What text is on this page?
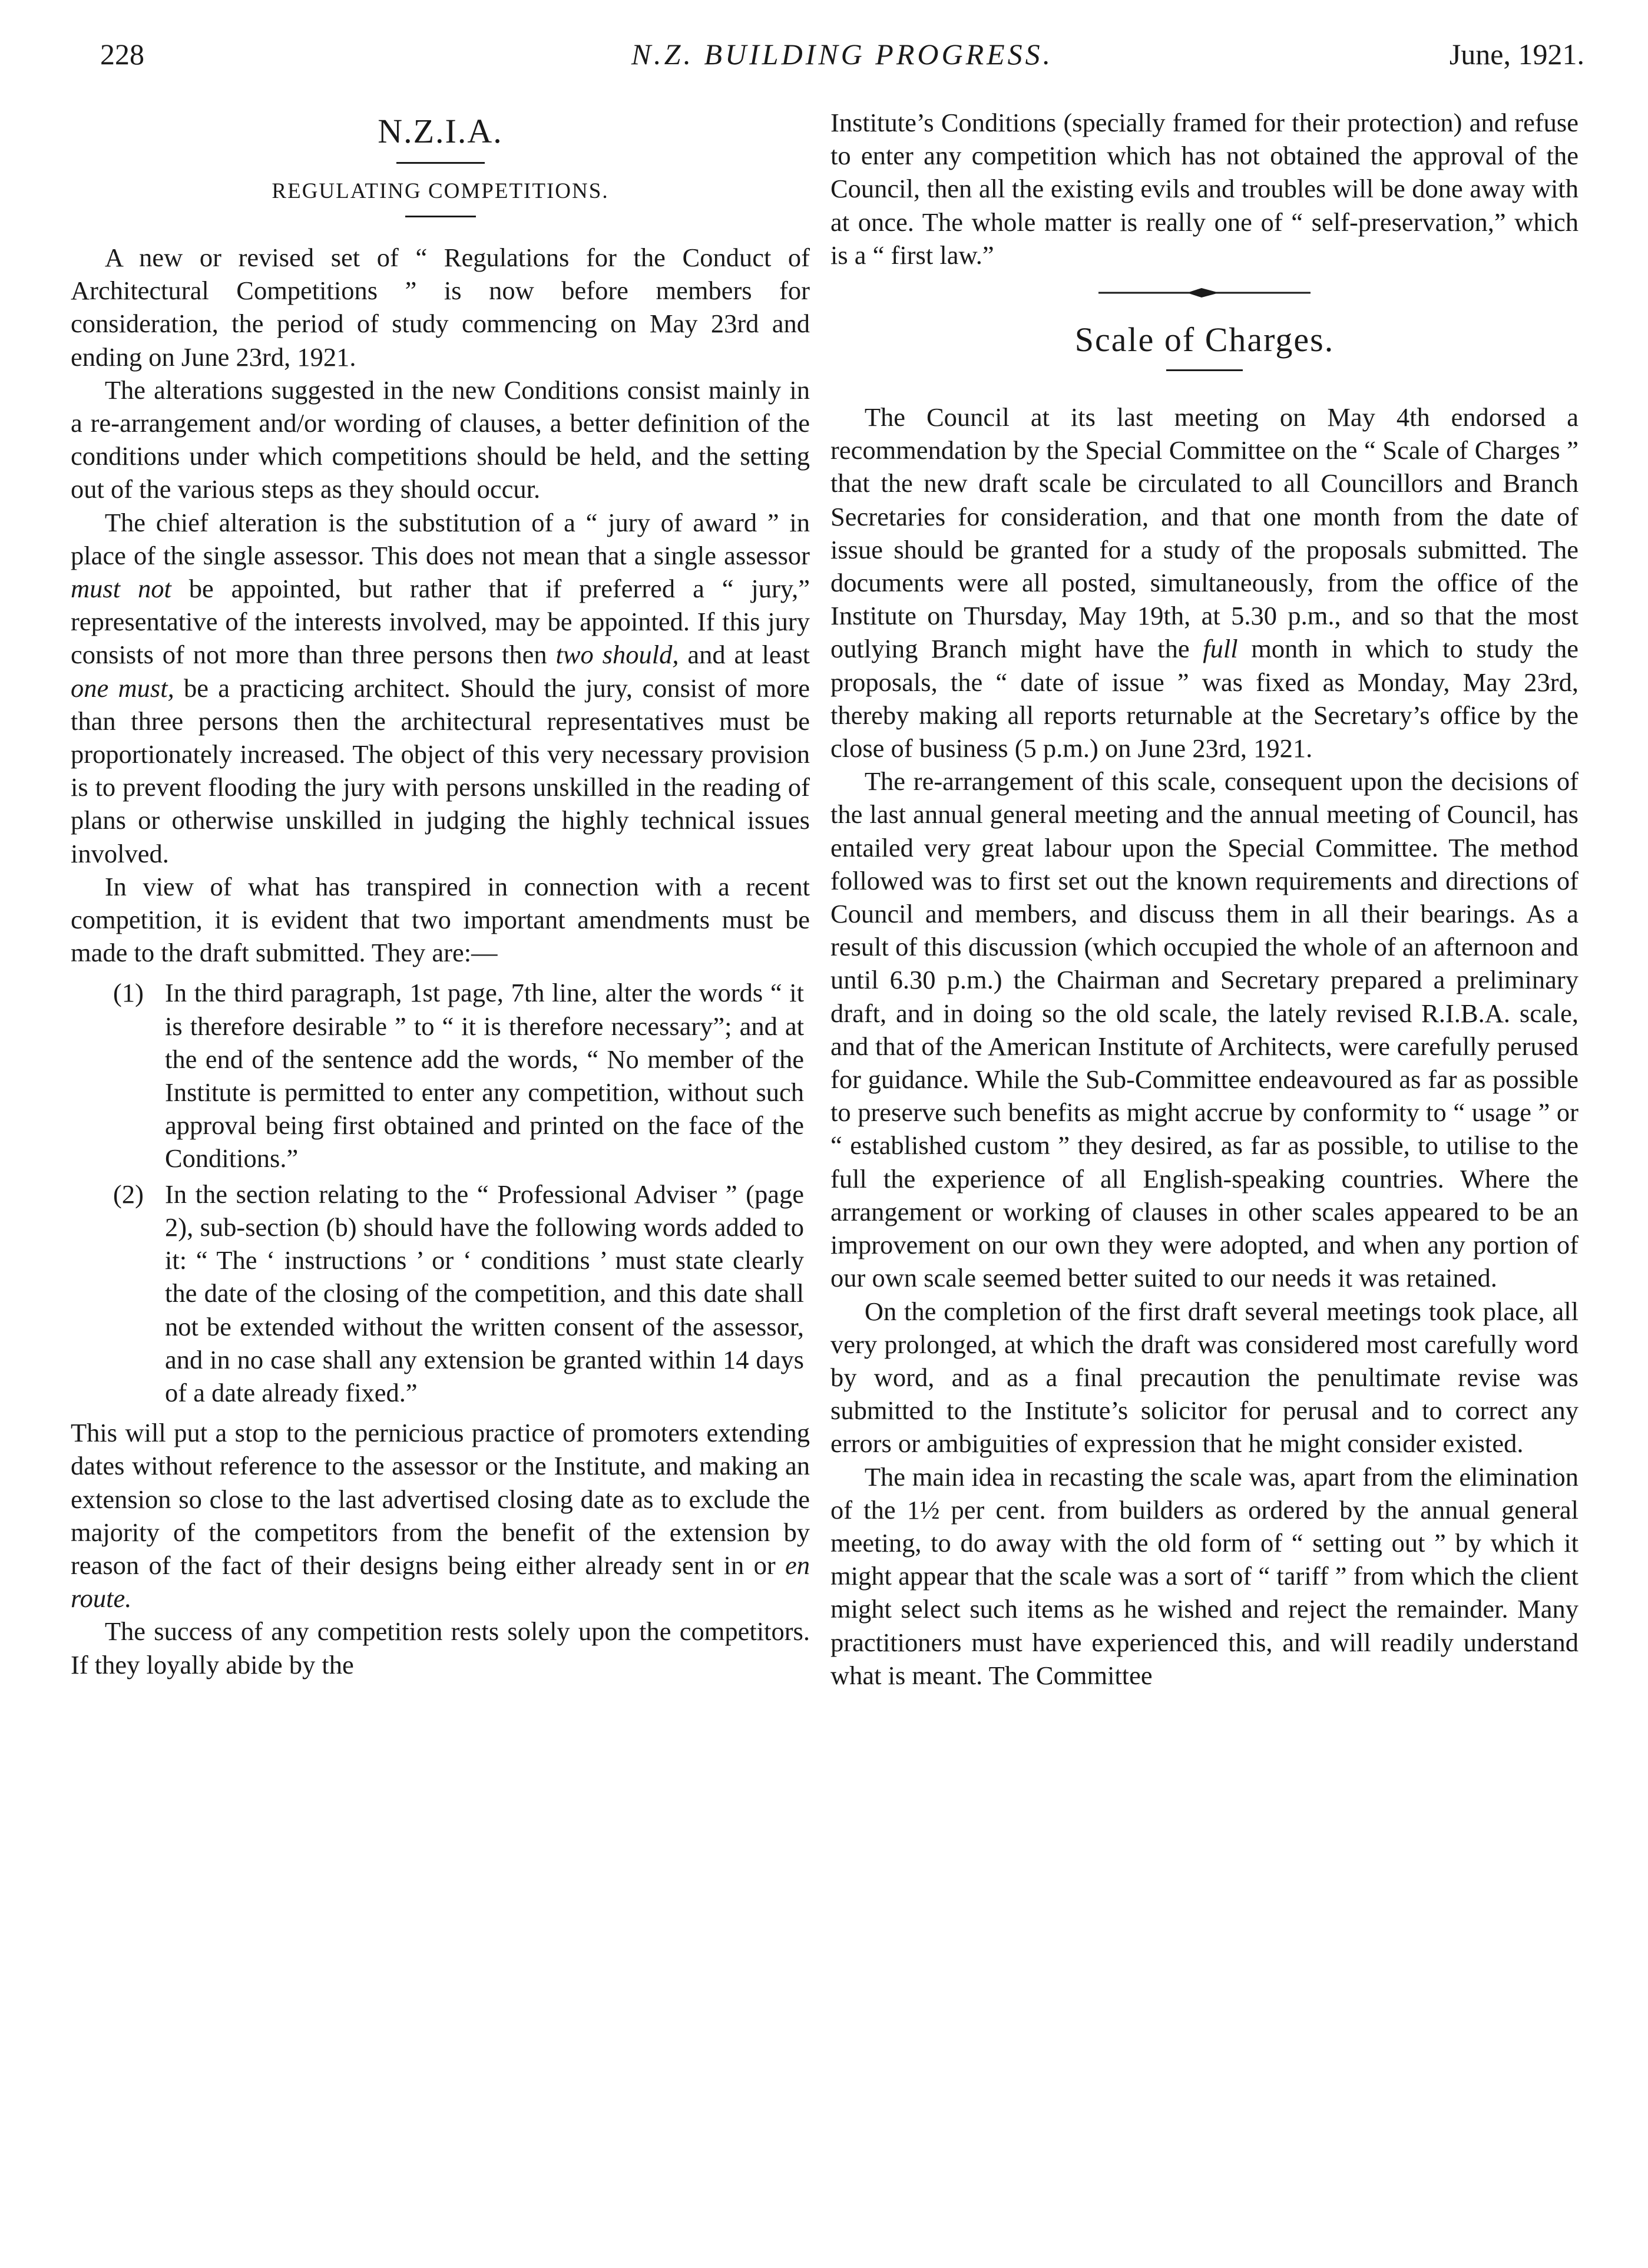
228	N.Z. BUILDING PROGRESS.	June, 1921.
N.Z.I.A.
REGULATING COMPETITIONS.

A new or revised set of “ Regulations for the Conduct of Architectural Competitions ” is now before members for consideration, the period of study commencing on May 23rd and ending on June 23rd, 1921.

The alterations suggested in the new Conditions consist mainly in a re-arrangement and/or wording of clauses, a better definition of the conditions under which competitions should be held, and the setting out of the various steps as they should occur.

The chief alteration is the substitution of a “ jury of award ” in place of the single assessor. This does not mean that a single assessor must not be appointed, but rather that if preferred a “ jury,” representative of the interests involved, may be appointed. If this jury consists of not more than three persons then two should, and at least one must, be a practicing architect. Should the jury, consist of more than three persons then the architectural representatives must be proportionately increased. The object of this very necessary provision is to prevent flooding the jury with persons unskilled in the reading of plans or otherwise unskilled in judging the highly technical issues involved.

In view of what has transpired in connection with a recent competition, it is evident that two important amendments must be made to the draft submitted. They are:—

(1) In the third paragraph, 1st page, 7th line, alter the words “ it is therefore desirable ” to “ it is therefore necessary”; and at the end of the sentence add the words, “ No member of the Institute is permitted to enter any competition, without such approval being first obtained and printed on the face of the Conditions.”
(2) In the section relating to the “ Professional Adviser ” (page 2), sub-section (b) should have the following words added to it: “ The ‘ instructions ’ or ‘ conditions ’ must state clearly the date of the closing of the competition, and this date shall not be extended without the written consent of the assessor, and in no case shall any extension be granted within 14 days of a date already fixed.”

This will put a stop to the pernicious practice of promoters extending dates without reference to the assessor or the Institute, and making an extension so close to the last advertised closing date as to exclude the majority of the competitors from the benefit of the extension by reason of the fact of their designs being either already sent in or en route.

The success of any competition rests solely upon the competitors. If they loyally abide by the

Institute’s Conditions (specially framed for their protection) and refuse to enter any competition which has not obtained the approval of the Council, then all the existing evils and troubles will be done away with at once. The whole matter is really one of “ self-preservation,” which is a “ first law.”

Scale of Charges.

The Council at its last meeting on May 4th endorsed a recommendation by the Special Committee on the “ Scale of Charges ” that the new draft scale be circulated to all Councillors and Branch Secretaries for consideration, and that one month from the date of issue should be granted for a study of the proposals submitted. The documents were all posted, simultaneously, from the office of the Institute on Thursday, May 19th, at 5.30 p.m., and so that the most outlying Branch might have the full month in which to study the proposals, the “ date of issue ” was fixed as Monday, May 23rd, thereby making all reports returnable at the Secretary’s office by the close of business (5 p.m.) on June 23rd, 1921.

The re-arrangement of this scale, consequent upon the decisions of the last annual general meeting and the annual meeting of Council, has entailed very great labour upon the Special Committee. The method followed was to first set out the known requirements and directions of Council and members, and discuss them in all their bearings. As a result of this discussion (which occupied the whole of an afternoon and until 6.30 p.m.) the Chairman and Secretary prepared a preliminary draft, and in doing so the old scale, the lately revised R.I.B.A. scale, and that of the American Institute of Architects, were carefully perused for guidance. While the Sub-Committee endeavoured as far as possible to preserve such benefits as might accrue by conformity to “ usage ” or “ established custom ” they desired, as far as possible, to utilise to the full the experience of all English-speaking countries. Where the arrangement or working of clauses in other scales appeared to be an improvement on our own they were adopted, and when any portion of our own scale seemed better suited to our needs it was retained.

On the completion of the first draft several meetings took place, all very prolonged, at which the draft was considered most carefully word by word, and as a final precaution the penultimate revise was submitted to the Institute’s solicitor for perusal and to correct any errors or ambiguities of expression that he might consider existed.

The main idea in recasting the scale was, apart from the elimination of the 1½ per cent. from builders as ordered by the annual general meeting, to do away with the old form of “ setting out ” by which it might appear that the scale was a sort of “ tariff ” from which the client might select such items as he wished and reject the remainder. Many practitioners must have experienced this, and will readily understand what is meant. The Committee
